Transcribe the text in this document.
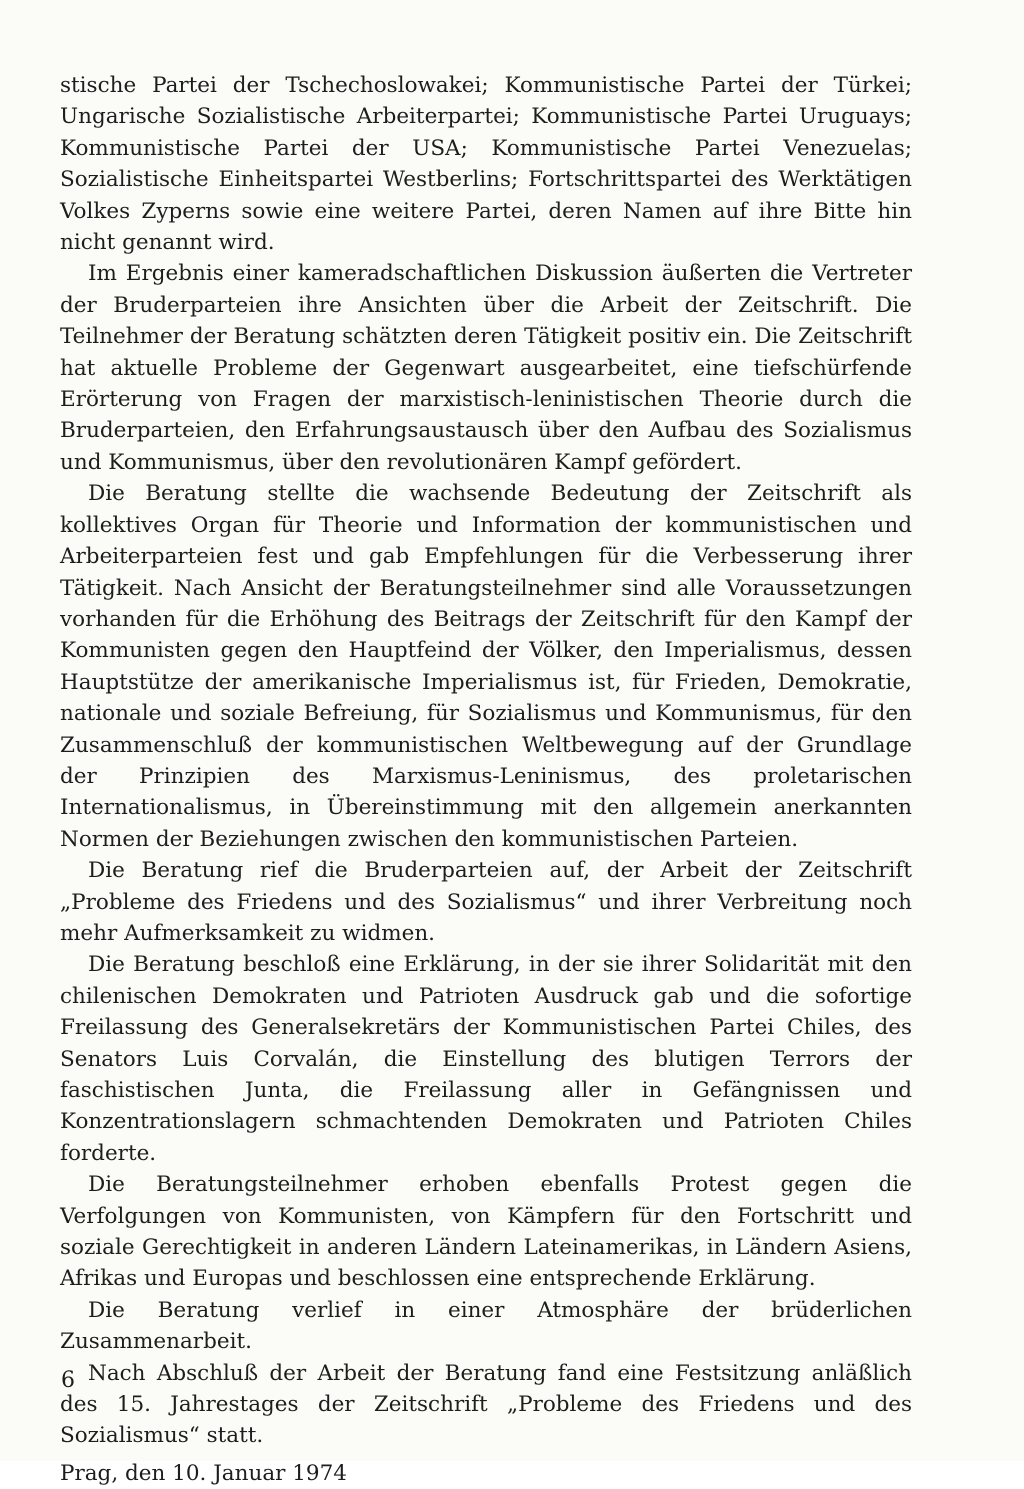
stische Partei der Tschechoslowakei; Kommunistische Partei der Türkei; Ungarische Sozialistische Arbeiterpartei; Kommunistische Partei Uruguays; Kommunistische Partei der USA; Kommunistische Partei Venezuelas; Sozialistische Einheitspartei Westberlins; Fortschrittspartei des Werktätigen Volkes Zyperns sowie eine weitere Partei, deren Namen auf ihre Bitte hin nicht genannt wird.

Im Ergebnis einer kameradschaftlichen Diskussion äußerten die Vertreter der Bruderparteien ihre Ansichten über die Arbeit der Zeitschrift. Die Teilnehmer der Beratung schätzten deren Tätigkeit positiv ein. Die Zeitschrift hat aktuelle Probleme der Gegenwart ausgearbeitet, eine tiefschürfende Erörterung von Fragen der marxistisch-leninistischen Theorie durch die Bruderparteien, den Erfahrungsaustausch über den Aufbau des Sozialismus und Kommunismus, über den revolutionären Kampf gefördert.

Die Beratung stellte die wachsende Bedeutung der Zeitschrift als kollektives Organ für Theorie und Information der kommunistischen und Arbeiterparteien fest und gab Empfehlungen für die Verbesserung ihrer Tätigkeit. Nach Ansicht der Beratungsteilnehmer sind alle Voraussetzungen vorhanden für die Erhöhung des Beitrags der Zeitschrift für den Kampf der Kommunisten gegen den Hauptfeind der Völker, den Imperialismus, dessen Hauptstütze der amerikanische Imperialismus ist, für Frieden, Demokratie, nationale und soziale Befreiung, für Sozialismus und Kommunismus, für den Zusammenschluß der kommunistischen Weltbewegung auf der Grundlage der Prinzipien des Marxismus-Leninismus, des proletarischen Internationalismus, in Übereinstimmung mit den allgemein anerkannten Normen der Beziehungen zwischen den kommunistischen Parteien.

Die Beratung rief die Bruderparteien auf, der Arbeit der Zeitschrift „Probleme des Friedens und des Sozialismus“ und ihrer Verbreitung noch mehr Aufmerksamkeit zu widmen.

Die Beratung beschloß eine Erklärung, in der sie ihrer Solidarität mit den chilenischen Demokraten und Patrioten Ausdruck gab und die sofortige Freilassung des Generalsekretärs der Kommunistischen Partei Chiles, des Senators Luis Corvalán, die Einstellung des blutigen Terrors der faschistischen Junta, die Freilassung aller in Gefängnissen und Konzentrationslagern schmachtenden Demokraten und Patrioten Chiles forderte.

Die Beratungsteilnehmer erhoben ebenfalls Protest gegen die Verfolgungen von Kommunisten, von Kämpfern für den Fortschritt und soziale Gerechtigkeit in anderen Ländern Lateinamerikas, in Ländern Asiens, Afrikas und Europas und beschlossen eine entsprechende Erklärung.

Die Beratung verlief in einer Atmosphäre der brüderlichen Zusammenarbeit.

Nach Abschluß der Arbeit der Beratung fand eine Festsitzung anläßlich des 15. Jahrestages der Zeitschrift „Probleme des Friedens und des Sozialismus“ statt.

Prag, den 10. Januar 1974

6
